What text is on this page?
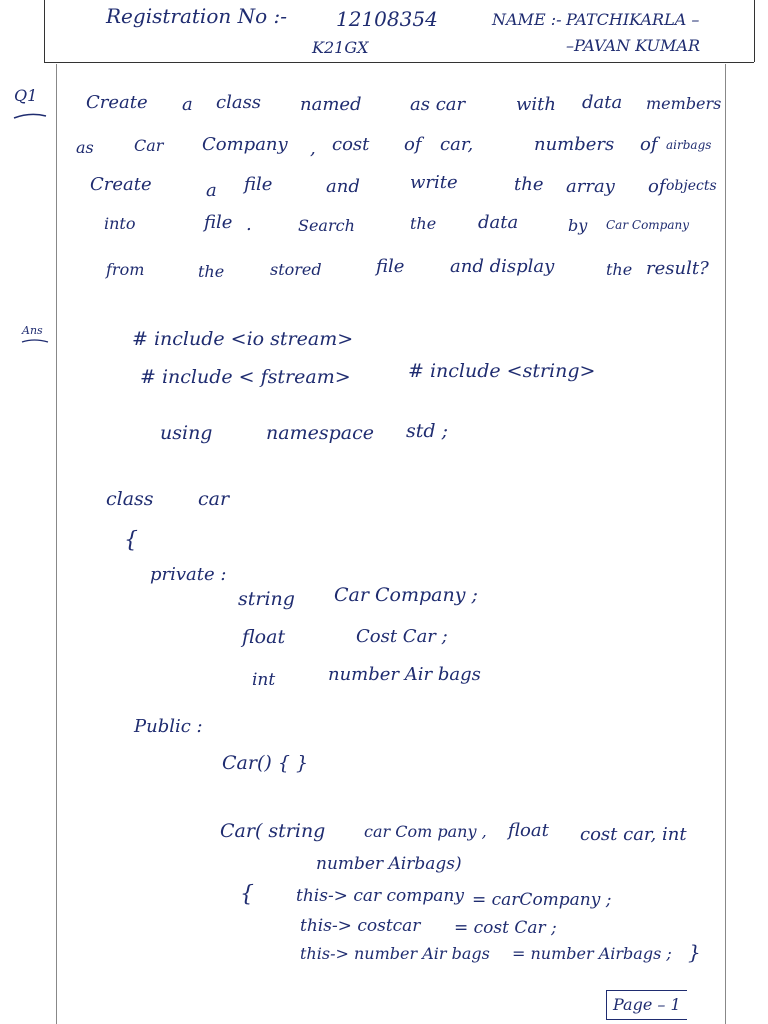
Registration No :- 12108354
K21GX
NAME :- PATCHIKARLA –
–PAVAN KUMAR
Q1	Create a class named	as car	with data members
as	Car Company , cost of car,	numbers of airbags
Create	a file	and	write	the array of objects
into	file .	Search	the data	by Car Company
from	the	stored	file	and display	the result?
Ans	# include <io stream>
# include < fstream>	# include <string>
using	namespace std ;
class car
{
private :
string Car Company ;
float	Cost Car ;
int	number Air bags
Public :
Car() { }
Car( string car Com pany , float cost car, int
number Airbags)
{ this-> car company = carCompany ;
this-> costcar = cost Car ;
this-> number Air bags = number Airbags ; }
Page – 1
